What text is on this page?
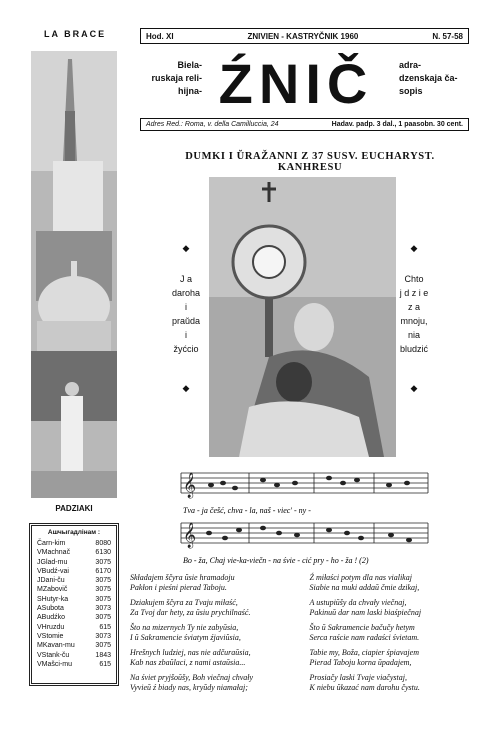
LA BRACE	Hod. XI	ZNIVIEN - KASTRYČNIK 1960	N. 57-58
Biela-
ruskaja reli-
hijna- ŹNIČ	adra-
dzenskaja ča-
sopis
Adres Red.: Roma, v. della Camilluccia, 24	Hadav. padp. 3 dal., 1 paasobn. 30 cent.
PADZIAKI
Ашчыгадлінам :
Čarn-kim	8080
VMachnač	6130
JGlad-mu	3075
VBudź-vai	6170
JDani-ču	3075
MZabovič	3075
SHutyr-ka	3075
ASubota	3073
ABudźko	3075
VHruzdu	615
VStomie	3073
MKavan-mu	3075
VStank-ču	1843
VMašci-mu	615
DUMKI I ŬRAŽANNI Z 37 SUSV. EUCHARYST. KANHRESU
◆
J a
daroha
i
praŭda
i
žyćcio
◆
◆
Chto
j d z i e
z a
mnoju,
nia
bludzić
◆
𝄞
𝄞
Tva - ja češć, chva - la, naš - viec' - ny -
Bo - ža, Chaj vie-ka-viečn - na śvie - cić pry - ho - ža ! (2)

Składajem ščyra ŭsie hramadoju
Pakłon i pieśni pierad Taboju.

Ź miłaści potym dla nas vialikaj
Siabie na muki addaŭ čmie dzikaj,

Dziakujem ščyra za Tvaju miłaść,
Za Tvoj dar hety, za ŭsiu prychilnaść.

A ustupiŭšy da chvały viečnaj,
Pakinuŭ dar nam laski biaśpiečnaj

Što na mizernych Ty nie zabyŭsia,
I ŭ Sakramencie śviatym źjaviŭsia,

Što ŭ Sakramencie bačučy hetym
Serca raście nam radaści śvietam.

Hrešnych ludziej, nas nie adčuraŭsia,
Kab nas zbaŭlaci, z nami astaŭsia...

Tabie my, Boža, ciapier śpiavajem
Pierad Taboju korna ŭpadajem,

Na śviet pryjšoŭšy, Boh viečnaj chvały
Vyvieŭ ź biady nas, kryŭdy niamałaj;

Prosiačy laski Tvaje viačystaj,
K niebu ŭkazać nam darohu čystu.
